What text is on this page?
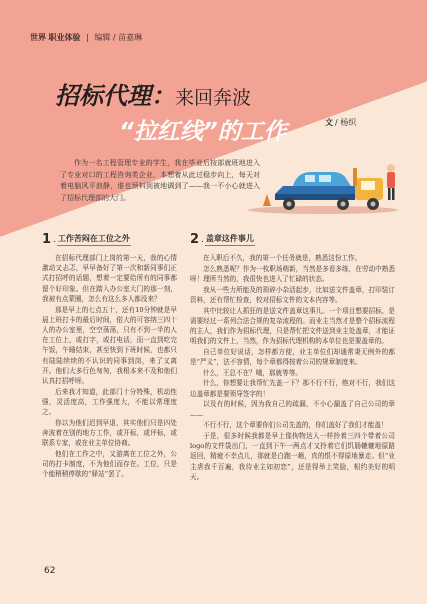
世界 职业体验 | 编辑 / 苗嘉琳
招标代理：来回奔波
“拉红线”的工作	文 / 杨织

作为一名工程管理专业的学生，我在毕业后按部就班地进入了专业对口的工程咨询类企业。本想着从此过稳步向上，每天对着电脑风平浪静，谁也预料到被地调到了——我一不小心就进入了招标代理部的大门。

1 . 工作苦闷在工位之外

在招标代理部门上岗的第一天，我的心情激动又忐忑，早早备好了第一次和新同事们正式打招呼的话题，想着一定要给所有的同事都留个好印象。但在踏入办公室大门的那一刻，我被有点蒙圈，怎么有这么多人都没来？

那是早上的七点五十，还有10分钟就是早晨上班打卡的最后时间，偌大的可容纳三四十人的办公室里，空空荡荡，只有不到一半的人在工位上，或打字，或打电话，而一直到吃完午饭，午睡结束，甚至快到下班时候，也都只有陆陆续续的不认识的同事到岗，来了又离开。他们大多行色匆匆，我根本来不及和他们认真打招呼呀。

后来我才知道，此部门十分特殊，机动性强，灵活度高，工作强度大，不能以常理度之。

你以为他们迟到早退，其实他们只是四处奔波着在别的地方工作，或开标，或评标，或联系专家，或在业主单位协商。

他们在工作之中，又游离在工位之外，公司的打卡制度，不为他们而存在。工位，只是个能稍稍停歇的“驿站”罢了。

2 . 盖章这件事儿

在入职后不久，我的第一个任务就是，熟悉这份工作。

怎么熟悉呢？作为一枚职场萌新，当然是多看多练，在劳动中熟悉呀！理所当然的，我很快也进入了忙碌的状态。

我从一些力所能及的琐碎小杂活起步，比如送文件盖章，打印装订资料，还有帮忙检查，校对招标文件的文本内容等。

其中比较让人抓狂的是送文件盖章这事儿。一个项目想要招标，是需要经过一系列合法合规的复杂流程的。而业主当然才是整个招标流程的主人，我们作为招标代理，只是帮忙把文件送到业主处盖章，才能证明我们的文件上，当然，作为招标代理机构的本单位也是要盖章的。

自己单位好说话，怎样都方便，业主单位们却通常秉无例外的都是“严义”，法不容情，每个章都得按着公司的规章制度来。

什么，王总不在？哦，那就等等。

什么，你想要让我帮忙先盖一下？那不行不行，绝对不行，我们这边盖章都是要领导签字的！

以及有的时候，因为我自己的疏漏，不小心漏盖了自己公司的章——

不行不行，这个章要你们公司先盖的，你们盖好了我们才能盖！

于是，很多时候我都是早上像拘物达人一样拎着三四个带着公司logo的文件袋出门，一直到下午一两点才又拎着它们饥肠辘辘地原路返回，精疲不幸点儿，那就是白跑一趟，真的恨不得原地暴走。但“业主虐我千百遍，我待业主如初恋”，还是得举上笑脸，相约美好的明天。

62
